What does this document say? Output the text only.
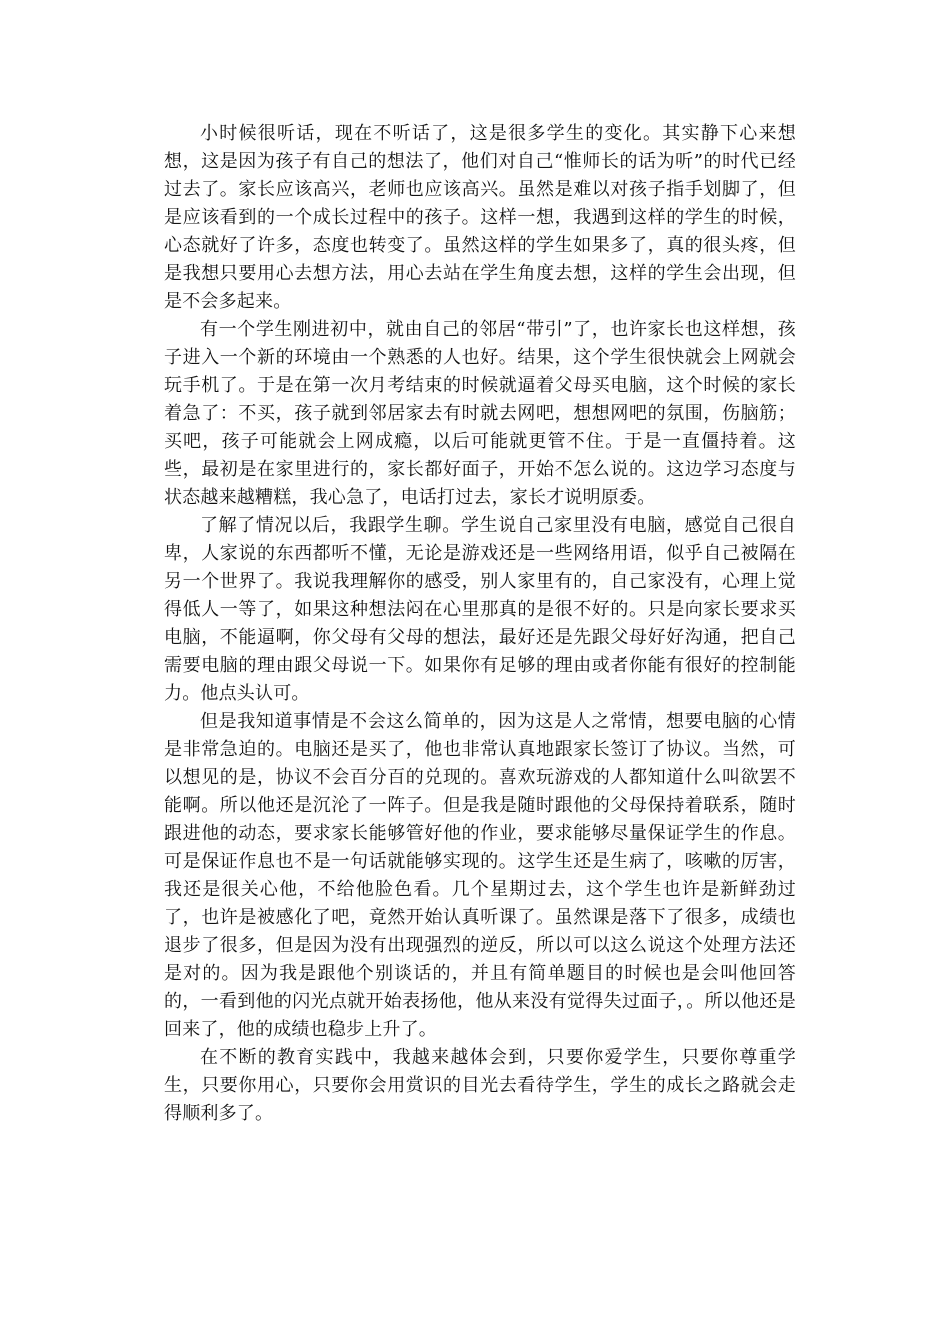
小时候很听话，现在不听话了，这是很多学生的变化。其实静下心来想想，这是因为孩子有自己的想法了，他们对自己“惟师长的话为听”的时代已经过去了。家长应该高兴，老师也应该高兴。虽然是难以对孩子指手划脚了，但是应该看到的一个成长过程中的孩子。这样一想，我遇到这样的学生的时候，心态就好了许多，态度也转变了。虽然这样的学生如果多了，真的很头疼，但是我想只要用心去想方法，用心去站在学生角度去想，这样的学生会出现，但是不会多起来。

有一个学生刚进初中，就由自己的邻居“带引”了，也许家长也这样想，孩子进入一个新的环境由一个熟悉的人也好。结果，这个学生很快就会上网就会玩手机了。于是在第一次月考结束的时候就逼着父母买电脑，这个时候的家长着急了：不买，孩子就到邻居家去有时就去网吧，想想网吧的氛围，伤脑筋；买吧，孩子可能就会上网成瘾，以后可能就更管不住。于是一直僵持着。这些，最初是在家里进行的，家长都好面子，开始不怎么说的。这边学习态度与状态越来越糟糕，我心急了，电话打过去，家长才说明原委。

了解了情况以后，我跟学生聊。学生说自己家里没有电脑，感觉自己很自卑，人家说的东西都听不懂，无论是游戏还是一些网络用语，似乎自己被隔在另一个世界了。我说我理解你的感受，别人家里有的，自己家没有，心理上觉得低人一等了，如果这种想法闷在心里那真的是很不好的。只是向家长要求买电脑，不能逼啊，你父母有父母的想法，最好还是先跟父母好好沟通，把自己需要电脑的理由跟父母说一下。如果你有足够的理由或者你能有很好的控制能力。他点头认可。

但是我知道事情是不会这么简单的，因为这是人之常情，想要电脑的心情是非常急迫的。电脑还是买了，他也非常认真地跟家长签订了协议。当然，可以想见的是，协议不会百分百的兑现的。喜欢玩游戏的人都知道什么叫欲罢不能啊。所以他还是沉沦了一阵子。但是我是随时跟他的父母保持着联系，随时跟进他的动态，要求家长能够管好他的作业，要求能够尽量保证学生的作息。可是保证作息也不是一句话就能够实现的。这学生还是生病了，咳嗽的厉害，我还是很关心他，不给他脸色看。几个星期过去，这个学生也许是新鲜劲过了，也许是被感化了吧，竟然开始认真听课了。虽然课是落下了很多，成绩也退步了很多，但是因为没有出现强烈的逆反，所以可以这么说这个处理方法还是对的。因为我是跟他个别谈话的，并且有简单题目的时候也是会叫他回答的，一看到他的闪光点就开始表扬他，他从来没有觉得失过面子，。所以他还是回来了，他的成绩也稳步上升了。

在不断的教育实践中，我越来越体会到，只要你爱学生，只要你尊重学生，只要你用心，只要你会用赏识的目光去看待学生，学生的成长之路就会走得顺利多了。
